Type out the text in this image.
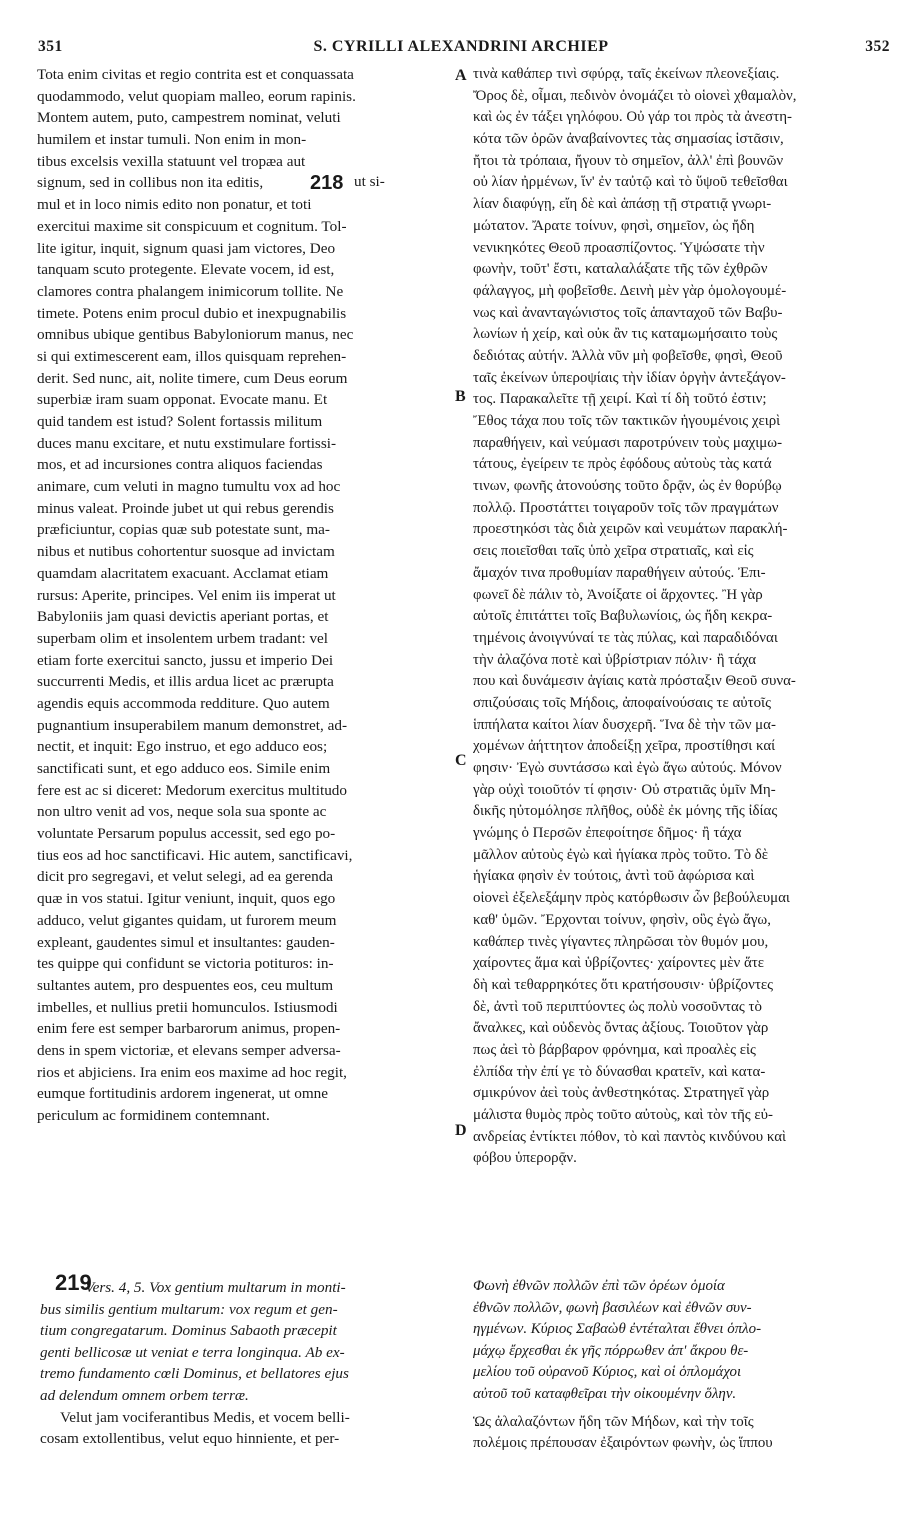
351	S. CYRILLI ALEXANDRINI ARCHIEP	352
Tota enim civitas et regio contrita est et conquassata
quodammodo, velut quopiam malleo, eorum rapinis.
Montem autem, puto, campestrem nominat, veluti
humilem et instar tumuli. Non enim in mon-
tibus excelsis vexilla statuunt vel tropæa aut
signum, sed in collibus non ita editis,
mul et in loco nimis edito non ponatur, et toti
exercitui maxime sit conspicuum et cognitum. Tol-
lite igitur, inquit, signum quasi jam victores, Deo
tanquam scuto protegente. Elevate vocem, id est,
clamores contra phalangem inimicorum tollite. Ne
timete. Potens enim procul dubio et inexpugnabilis
omnibus ubique gentibus Babyloniorum manus, nec
si qui extimescerent eam, illos quisquam reprehen-
derit. Sed nunc, ait, nolite timere, cum Deus eorum
superbiæ iram suam opponat. Evocate manu. Et
quid tandem est istud? Solent fortassis militum
duces manu excitare, et nutu exstimulare fortissi-
mos, et ad incursiones contra aliquos faciendas
animare, cum veluti in magno tumultu vox ad hoc
minus valeat. Proinde jubet ut qui rebus gerendis
præficiuntur, copias quæ sub potestate sunt, ma-
nibus et nutibus cohortentur suosque ad invictam
quamdam alacritatem exacuant. Acclamat etiam
rursus: Aperite, principes. Vel enim iis imperat ut
Babyloniis jam quasi devictis aperiant portas, et
superbam olim et insolentem urbem tradant: vel
etiam forte exercitui sancto, jussu et imperio Dei
succurrenti Medis, et illis ardua licet ac prærupta
agendis equis accommoda redditure. Quo autem
pugnantium insuperabilem manum demonstret, ad-
nectit, et inquit: Ego instruo, et ego adduco eos;
sanctificati sunt, et ego adduco eos. Simile enim
fere est ac si diceret: Medorum exercitus multitudo
non ultro venit ad vos, neque sola sua sponte ac
voluntate Persarum populus accessit, sed ego po-
tius eos ad hoc sanctificavi. Hic autem, sanctificavi,
dicit pro segregavi, et velut selegi, ad ea gerenda
quæ in vos statui. Igitur veniunt, inquit, quos ego
adduco, velut gigantes quidam, ut furorem meum
expleant, gaudentes simul et insultantes: gauden-
tes quippe qui confidunt se victoria potituros: in-
sultantes autem, pro despuentes eos, ceu multum
imbelles, et nullius pretii homunculos. Istiusmodi
enim fere est semper barbarorum animus, propen-
dens in spem victoriæ, et elevans semper adversa-
rios et abjiciens. Ira enim eos maxime ad hoc regit,
eumque fortitudinis ardorem ingenerat, ut omne
periculum ac formidinem contemnant.
τινὰ καθάπερ τινὶ σφύρᾳ, ταῖς ἐκείνων πλεονεξίαις.
Ὄρος δὲ, οἶμαι, πεδινὸν ὀνομάζει τὸ οἱονεὶ χθαμαλὸν,
καὶ ὡς ἐν τάξει γηλόφου. Οὐ γάρ τοι πρὸς τὰ ἀνεστη-
κότα τῶν ὀρῶν ἀναβαίνοντες τὰς σημασίας ἱστᾶσιν,
ἤτοι τὰ τρόπαια, ἤγουν τὸ σημεῖον, ἀλλ' ἐπὶ βουνῶν
οὐ λίαν ἠρμένων, ἵν' ἐν ταὐτῷ καὶ τὸ ὕψοῦ τεθεῖσθαι
λίαν διαφύγῃ, εἴη δὲ καὶ ἁπάσῃ τῇ στρατιᾷ γνωρι-
μώτατον. Ἄρατε τοίνυν, φησὶ, σημεῖον, ὡς ἤδη
νενικηκότες Θεοῦ προασπίζοντος. Ὑψώσατε τὴν
φωνὴν, τοῦτ' ἔστι, καταλαλάξατε τῆς τῶν ἐχθρῶν
φάλαγγος, μὴ φοβεῖσθε. Δεινὴ μὲν γὰρ ὁμολογουμέ-
νως καὶ ἀνανταγώνιστος τοῖς ἁπανταχοῦ τῶν Βαβυ-
λωνίων ἡ χείρ, καὶ οὐκ ἂν τις καταμωμήσαιτο τοὺς
δεδιότας αὐτήν. Ἀλλὰ νῦν μὴ φοβεῖσθε, φησὶ, Θεοῦ
ταῖς ἐκείνων ὑπεροψίαις τὴν ἰδίαν ὀργὴν ἀντεξάγον-
τος. Παρακαλεῖτε τῇ χειρί. Καὶ τί δὴ τοῦτό ἐστιν;
Ἔθος τάχα που τοῖς τῶν τακτικῶν ἡγουμένοις χειρὶ
παραθήγειν, καὶ νεύμασι παροτρύνειν τοὺς μαχιμω-
τάτους, ἐγείρειν τε πρὸς ἐφόδους αὐτοὺς τὰς κατά
τινων, φωνῆς ἀτονούσης τοῦτο δρᾷν, ὡς ἐν θορύβῳ
πολλῷ. Προστάττει τοιγαροῦν τοῖς τῶν πραγμάτων
προεστηκόσι τὰς διὰ χειρῶν καὶ νευμάτων παρακλή-
σεις ποιεῖσθαι ταῖς ὑπὸ χεῖρα στρατιαῖς, καὶ εἰς
ἄμαχόν τινα προθυμίαν παραθήγειν αὐτούς. Ἐπι-
φωνεῖ δὲ πάλιν τὸ, Ἀνοίξατε οἱ ἄρχοντες. Ἢ γὰρ
αὐτοῖς ἐπιτάττει τοῖς Βαβυλωνίοις, ὡς ἤδη κεκρα-
τημένοις ἀνοιγνύναί τε τὰς πύλας, καὶ παραδιδόναι
τὴν ἀλαζόνα ποτὲ καὶ ὑβρίστριαν πόλιν· ἢ τάχα
που καὶ δυνάμεσιν ἁγίαις κατὰ πρόσταξιν Θεοῦ συνα-
σπιζούσαις τοῖς Μήδοις, ἀποφαίνούσαις τε αὐτοῖς
ἱππήλατα καίτοι λίαν δυσχερῆ. Ἵνα δὲ τὴν τῶν μα-
χομένων ἀήττητον ἀποδείξῃ χεῖρα, προστίθησι καί
φησιν· Ἐγὼ συντάσσω καὶ ἐγὼ ἄγω αὐτούς. Μόνον
γὰρ οὐχὶ τοιοῦτόν τί φησιν· Οὐ στρατιᾶς ὑμῖν Μη-
δικῆς ηὐτομόλησε πλῆθος, οὐδὲ ἐκ μόνης τῆς ἰδίας
γνώμης ὁ Περσῶν ἐπεφοίτησε δῆμος· ἢ τάχα
μᾶλλον αὐτοὺς ἐγὼ καὶ ἡγίακα πρὸς τοῦτο. Τὸ δὲ
ἡγίακα φησὶν ἐν τούτοις, ἀντὶ τοῦ ἀφώρισα καὶ
οἱονεὶ ἐξελεξάμην πρὸς κατόρθωσιν ὧν βεβούλευμαι
καθ' ὑμῶν. Ἔρχονται τοίνυν, φησὶν, οὓς ἐγὼ ἄγω,
καθάπερ τινὲς γίγαντες πληρῶσαι τὸν θυμόν μου,
χαίροντες ἅμα καὶ ὑβρίζοντες· χαίροντες μὲν ἅτε
δὴ καὶ τεθαρρηκότες ὅτι κρατήσουσιν· ὑβρίζοντες
δὲ, ἀντὶ τοῦ περιπτύοντες ὡς πολὺ νοσοῦντας τὸ
ἄναλκες, καὶ οὐδενὸς ὄντας ἀξίους. Τοιοῦτον γὰρ
πως ἀεὶ τὸ βάρβαρον φρόνημα, καὶ προαλὲς εἰς
ἐλπίδα τὴν ἐπί γε τὸ δύνασθαι κρατεῖν, καὶ κατα-
σμικρύνον ἀεὶ τοὺς ἀνθεστηκότας. Στρατηγεῖ γὰρ
μάλιστα θυμὸς πρὸς τοῦτο αὐτοὺς, καὶ τὸν τῆς εὐ-
ανδρείας ἐντίκτει πόθον, τὸ καὶ παντὸς κινδύνου καὶ
φόβου ὑπερορᾷν.
A
B
C
D
218 ut si-
219
Vers. 4, 5. Vox gentium multarum in monti-
bus similis gentium multarum: vox regum et gen-
tium congregatarum. Dominus Sabaoth præcepit
genti bellicosæ ut veniat e terra longinqua. Ab ex-
tremo fundamento cœli Dominus, et bellatores ejus
ad delendum omnem orbem terræ.
Velut jam vociferantibus Medis, et vocem belli-
cosam extollentibus, velut equo hinniente, et per-
Φωνὴ ἐθνῶν πολλῶν ἐπὶ τῶν ὀρέων ὁμοία
ἐθνῶν πολλῶν, φωνὴ βασιλέων καὶ ἐθνῶν συν-
ηγμένων. Κύριος Σαβαὼθ ἐντέταλται ἔθνει ὁπλο-
μάχῳ ἔρχεσθαι ἐκ γῆς πόρρωθεν ἀπ' ἄκρου θε-
μελίου τοῦ οὐρανοῦ Κύριος, καὶ οἱ ὁπλομάχοι
αὐτοῦ τοῦ καταφθεῖραι τὴν οἰκουμένην ὅλην.
Ὡς ἀλαλαζόντων ἤδη τῶν Μήδων, καὶ τὴν τοῖς
πολέμοις πρέπουσαν ἐξαιρόντων φωνὴν, ὡς ἵππου
